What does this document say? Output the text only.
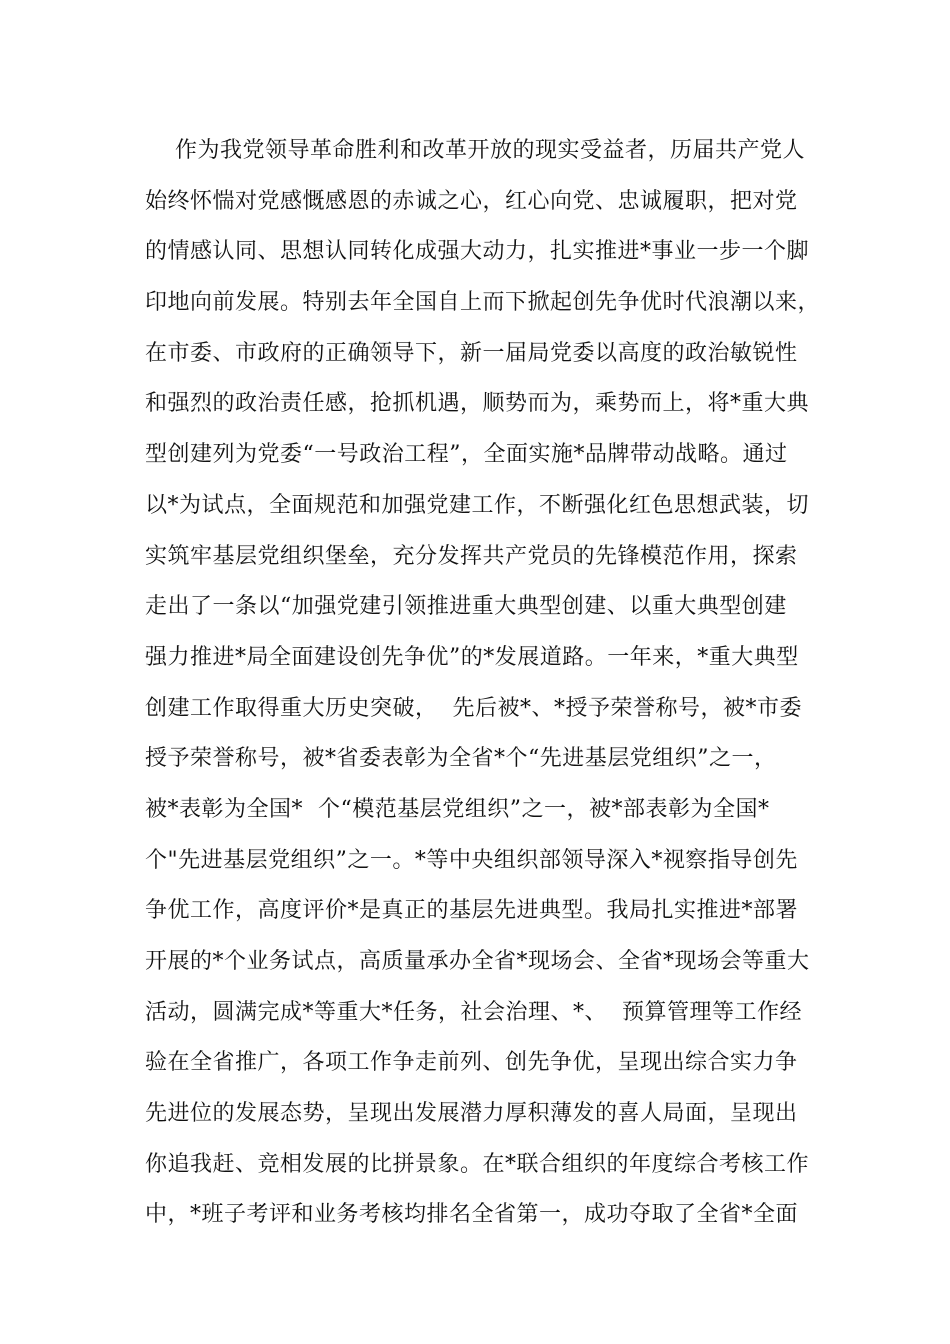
作为我党领导革命胜利和改革开放的现实受益者，历届共产党人
始终怀惴对党感慨感恩的赤诚之心，红心向党、忠诚履职，把对党
的情感认同、思想认同转化成强大动力，扎实推进*事业一步一个脚
印地向前发展。特别去年全国自上而下掀起创先争优时代浪潮以来，
在市委、市政府的正确领导下，新一届局党委以高度的政治敏锐性
和强烈的政治责任感，抢抓机遇，顺势而为，乘势而上，将*重大典
型创建列为党委“一号政治工程”，全面实施*品牌带动战略。通过
以*为试点，全面规范和加强党建工作，不断强化红色思想武装，切
实筑牢基层党组织堡垒，充分发挥共产党员的先锋模范作用，探索
走出了一条以“加强党建引领推进重大典型创建、以重大典型创建
强力推进*局全面建设创先争优”的*发展道路。一年来，*重大典型
创建工作取得重大历史突破，  先后被*、*授予荣誉称号，被*市委
授予荣誉称号，被*省委表彰为全省*个“先进基层党组织”之一，
被*表彰为全国*  个“模范基层党组织”之一，被*部表彰为全国*
个"先进基层党组织”之一。*等中央组织部领导深入*视察指导创先
争优工作，高度评价*是真正的基层先进典型。我局扎实推进*部署
开展的*个业务试点，高质量承办全省*现场会、全省*现场会等重大
活动，圆满完成*等重大*任务，社会治理、*、  预算管理等工作经
验在全省推广，各项工作争走前列、创先争优，呈现出综合实力争
先进位的发展态势，呈现出发展潜力厚积薄发的喜人局面，呈现出
你追我赶、竞相发展的比拼景象。在*联合组织的年度综合考核工作
中，*班子考评和业务考核均排名全省第一，成功夺取了全省*全面
